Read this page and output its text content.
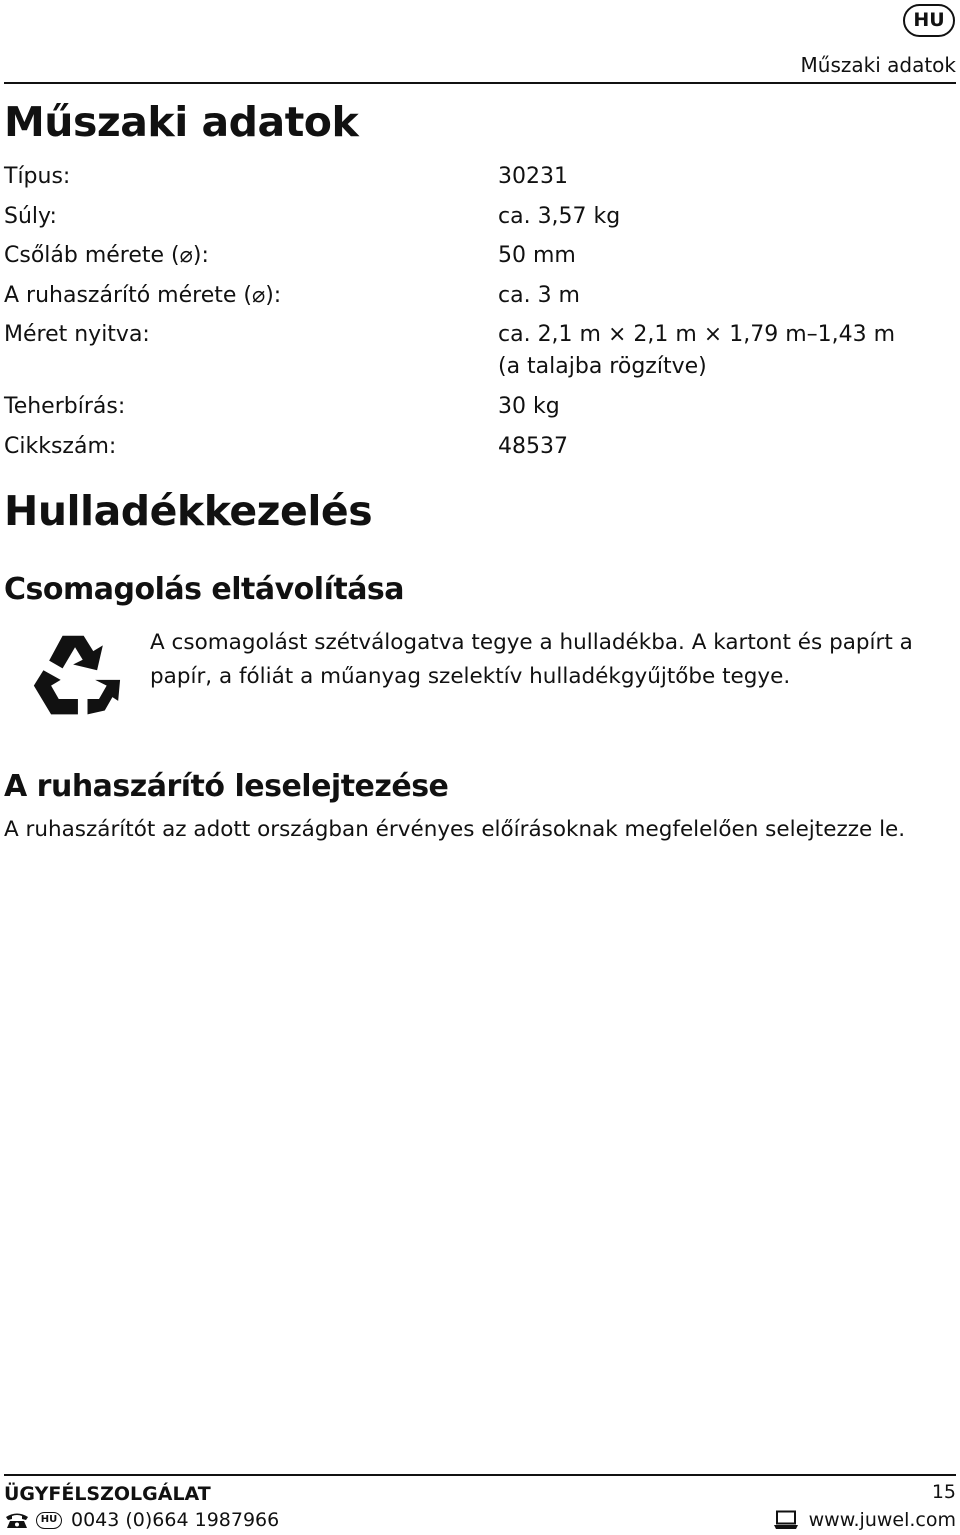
HU
Műszaki adatok
Műszaki adatok
Típus:	30231
Súly:	ca. 3,57 kg
Csőláb mérete (⌀):	50 mm
A ruhaszárító mérete (⌀):	ca. 3 m
Méret nyitva:	ca. 2,1 m × 2,1 m × 1,79 m–1,43 m
(a talajba rögzítve)
Teherbírás:	30 kg
Cikkszám:	48537
Hulladékkezelés
Csomagolás eltávolítása

A csomagolást szétválogatva tegye a hulladékba. A kartont és papírt a papír, a fóliát a műanyag szelektív hulladékgyűjtőbe tegye.

A ruhaszárító leselejtezése

A ruhaszárítót az adott országban érvényes előírásoknak megfelelően selejtezze le.

ÜGYFÉLSZOLGÁLAT	15
HU 0043 (0)664 1987966	www.juwel.com
